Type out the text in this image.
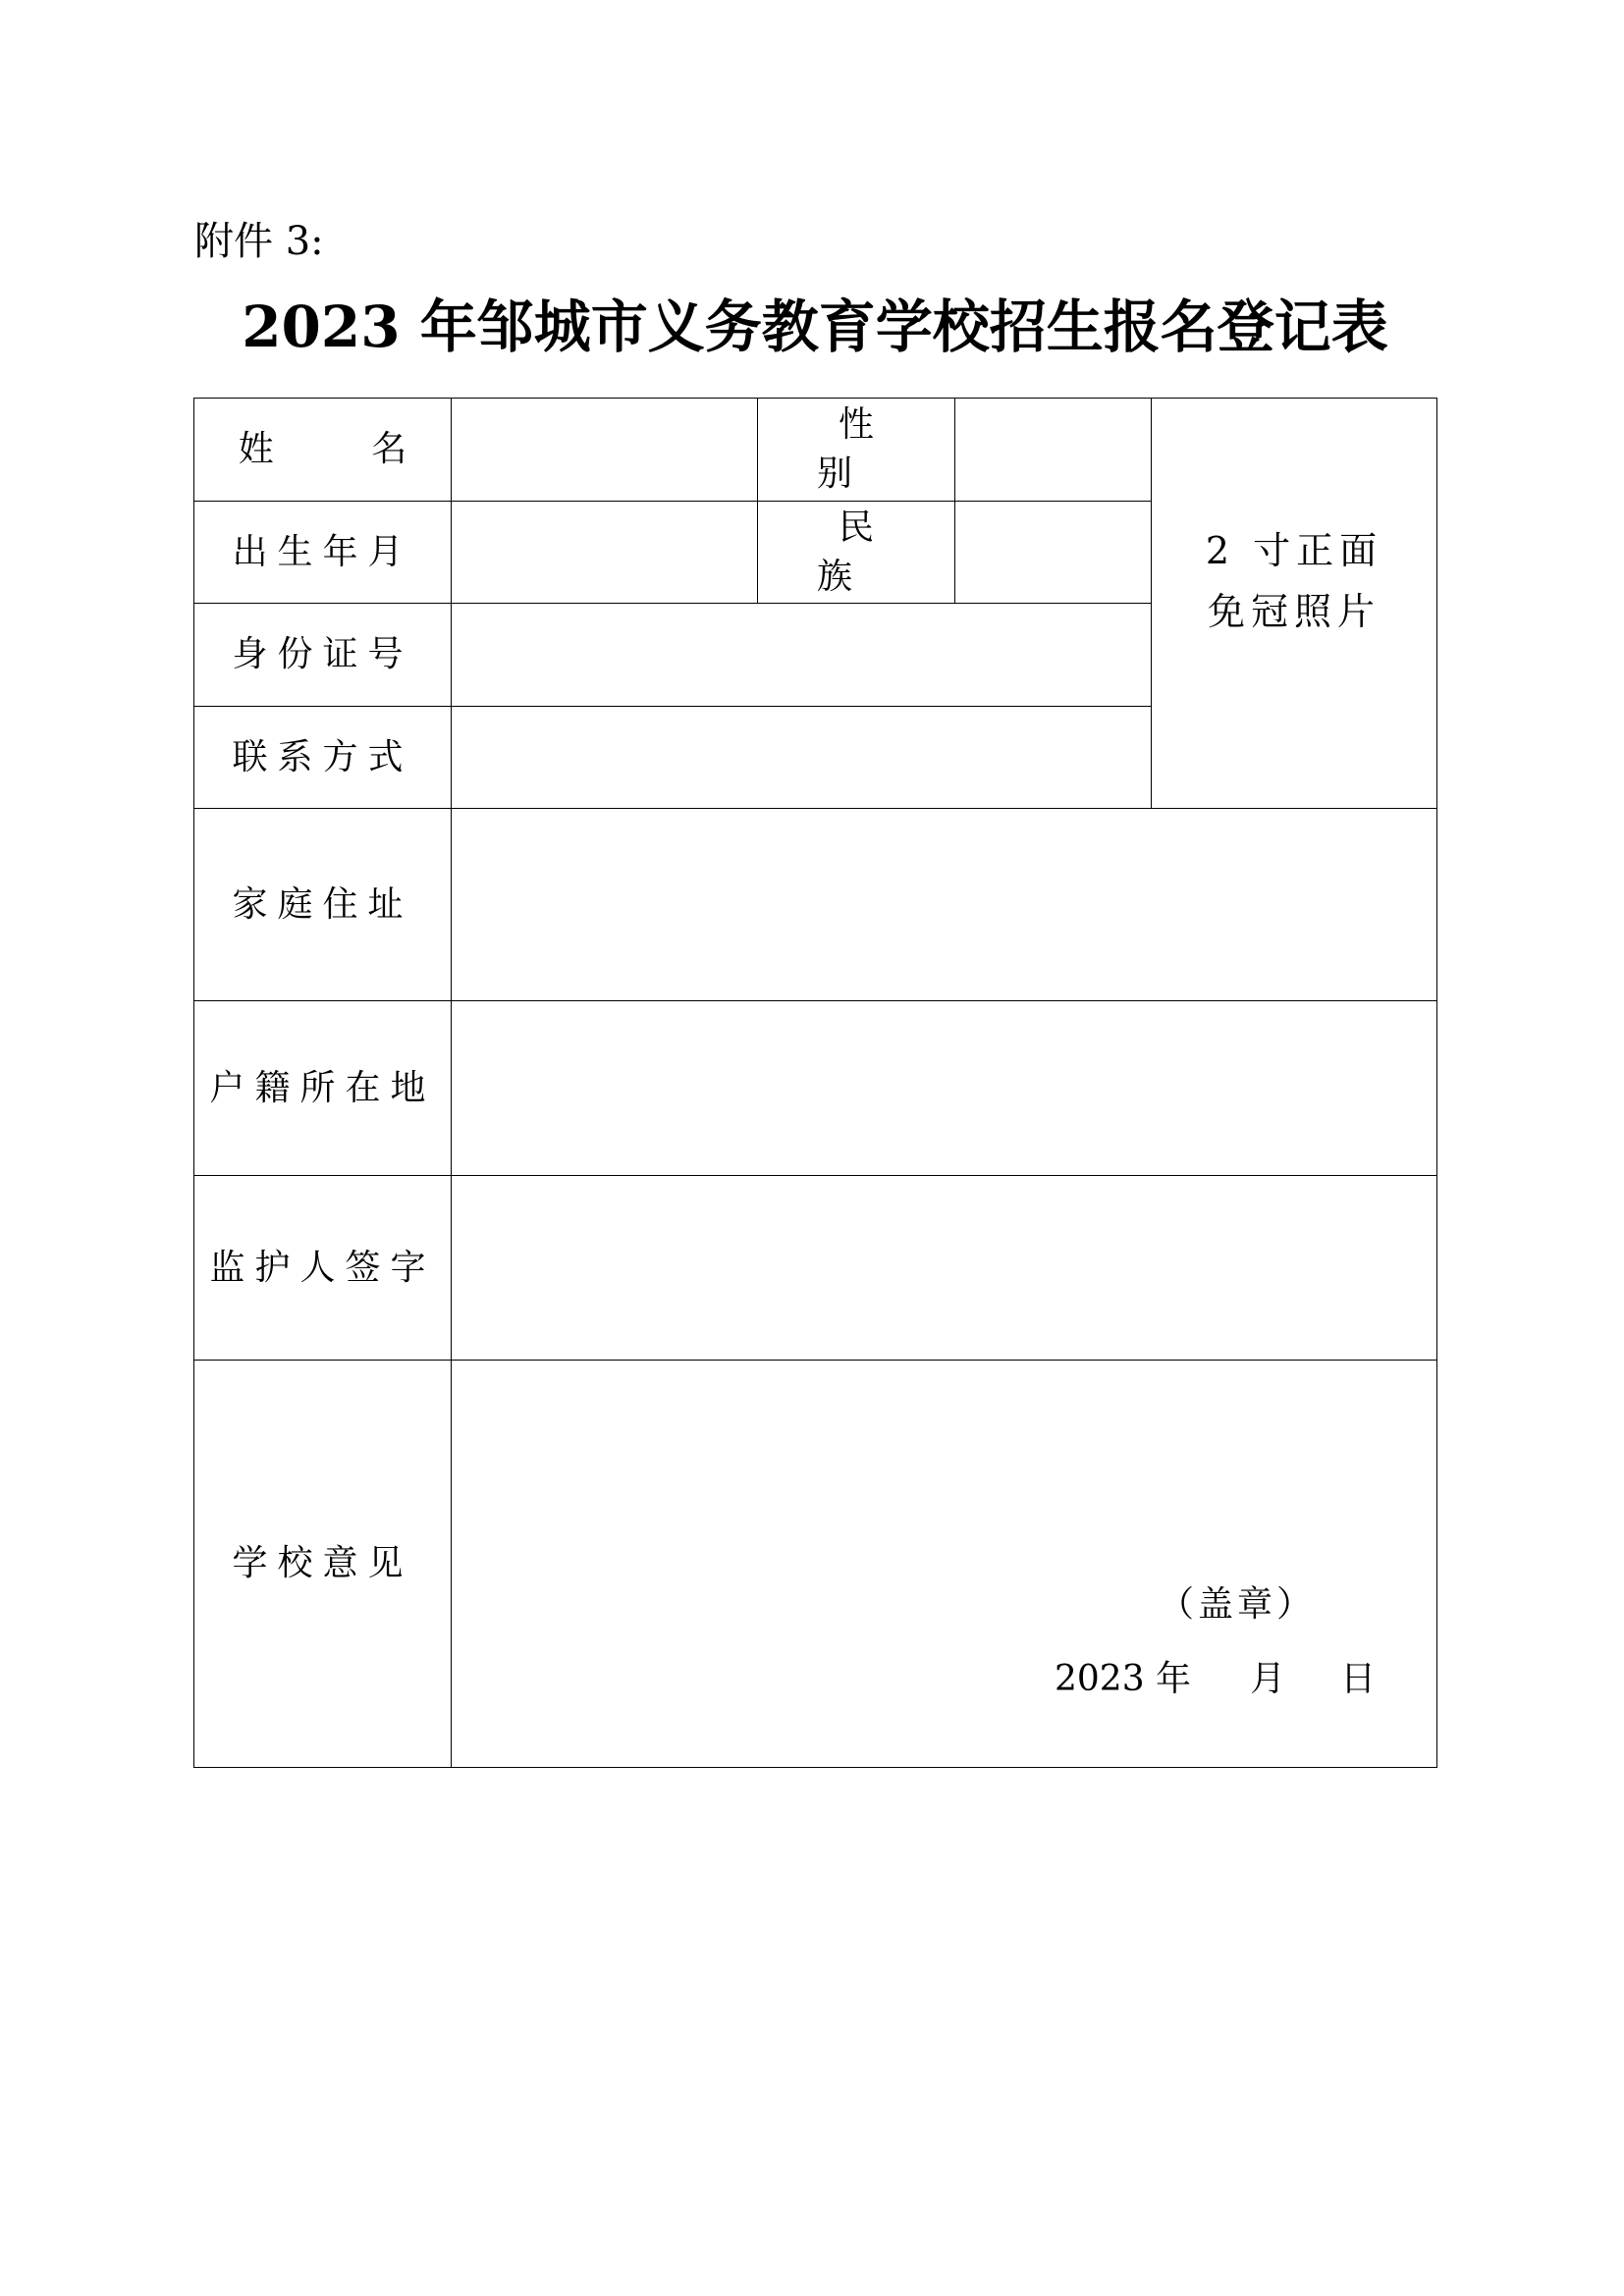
附件 3:
2023 年邹城市义务教育学校招生报名登记表
姓 名		性 别		2 寸正面
免冠照片

出生年月		民 族		
身份证号				
联系方式				
家庭住址				
户籍所在地				
监护人签字				
学校意见	（盖章）
2023 年 月 日			
